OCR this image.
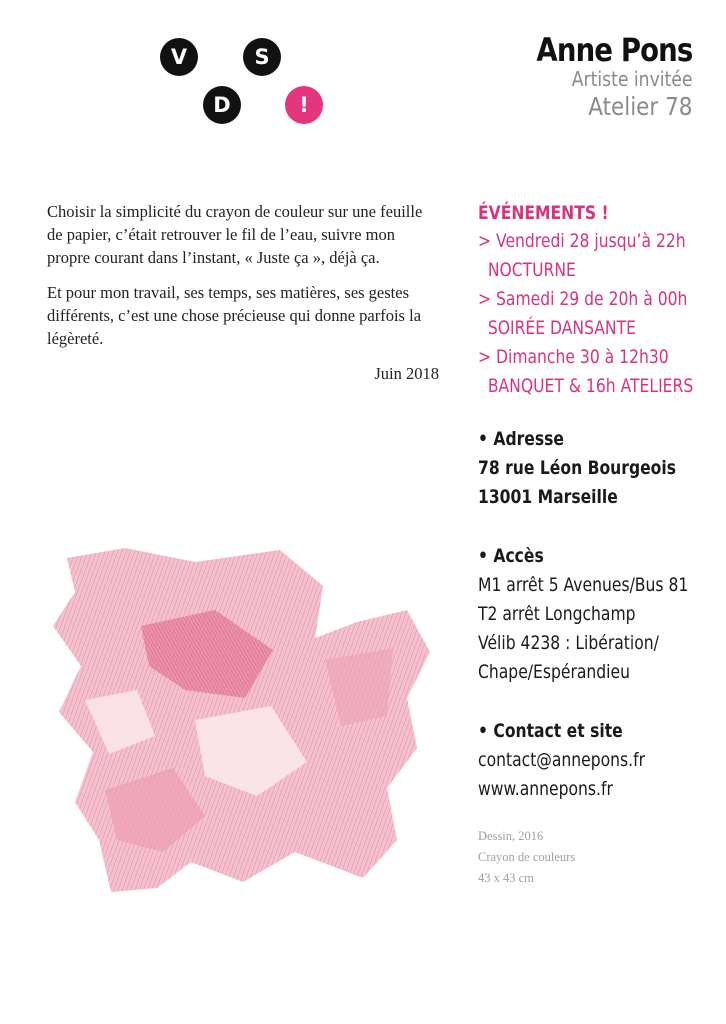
V	S
D	!
Anne Pons
Artiste invitée
Atelier 78

Choisir la simplicité du crayon de couleur sur une feuille de papier, c’était retrouver le fil de l’eau, suivre mon propre courant dans l’instant, « Juste ça », déjà ça.

Et pour mon travail, ses temps, ses matières, ses gestes différents, c’est une chose précieuse qui donne parfois la légèreté.

Juin 2018
ÉVÉNEMENTS !
> Vendredi 28 jusqu’à 22h
NOCTURNE
> Samedi 29 de 20h à 00h
SOIRÉE DANSANTE
> Dimanche 30 à 12h30
BANQUET & 16h ATELIERS
• Adresse
78 rue Léon Bourgeois
13001 Marseille
• Accès
M1 arrêt 5 Avenues/Bus 81
T2 arrêt Longchamp
Vélib 4238 : Libération/
Chape/Espérandieu
• Contact et site
contact@annepons.fr
www.annepons.fr
Dessin, 2016
Crayon de couleurs
43 x 43 cm
